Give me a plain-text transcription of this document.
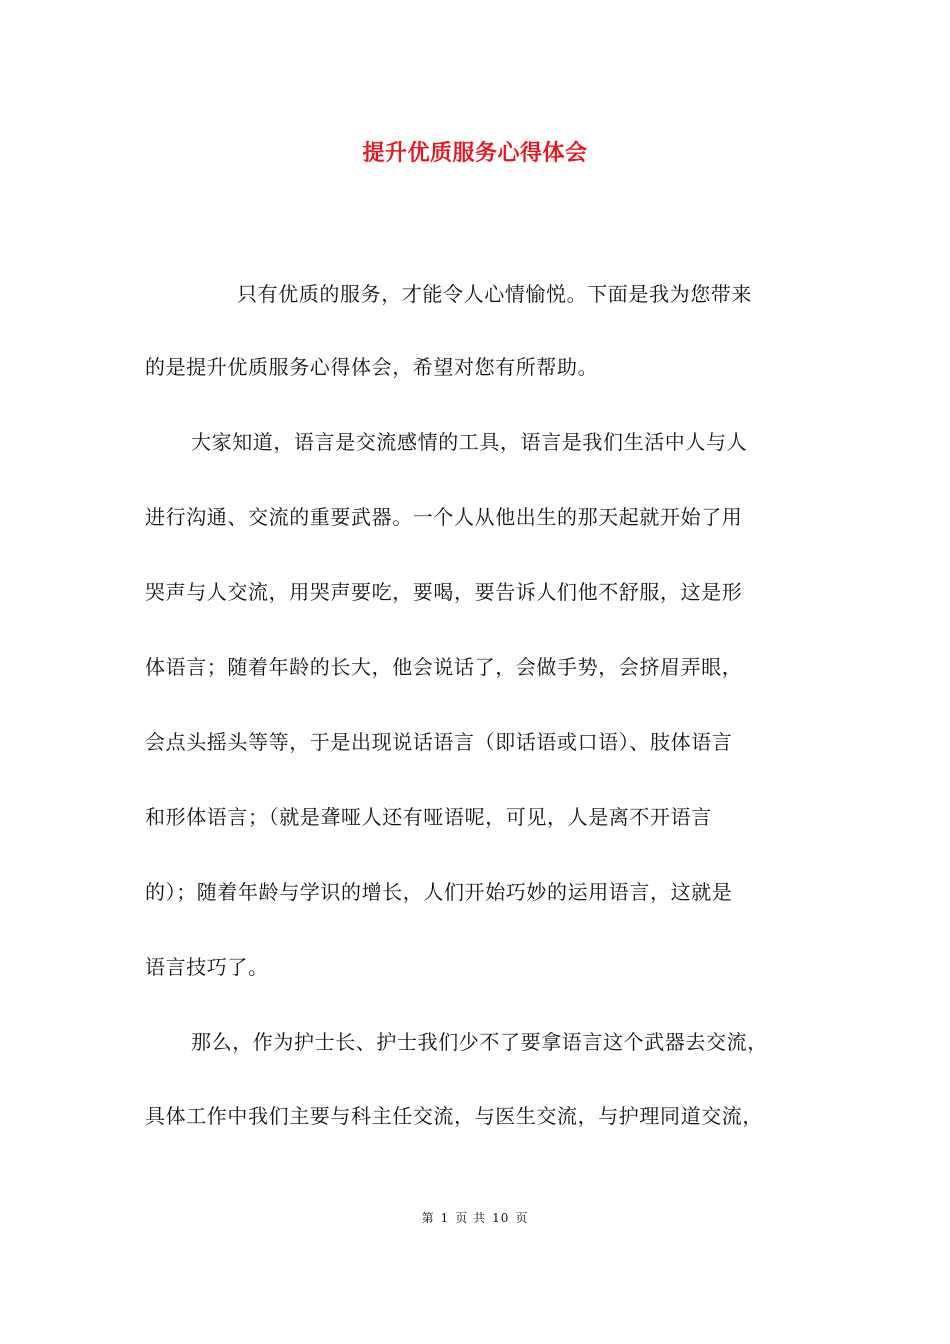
提升优质服务心得体会
只有优质的服务，才能令人心情愉悦。下面是我为您带来
的是提升优质服务心得体会，希望对您有所帮助。
大家知道，语言是交流感情的工具，语言是我们生活中人与人
进行沟通、交流的重要武器。一个人从他出生的那天起就开始了用
哭声与人交流，用哭声要吃，要喝，要告诉人们他不舒服，这是形
体语言；随着年龄的长大，他会说话了，会做手势，会挤眉弄眼，
会点头摇头等等，于是出现说话语言（即话语或口语）、肢体语言
和形体语言；（就是聋哑人还有哑语呢，可见，人是离不开语言
的）；随着年龄与学识的增长，人们开始巧妙的运用语言，这就是
语言技巧了。
那么，作为护士长、护士我们少不了要拿语言这个武器去交流，
具体工作中我们主要与科主任交流，与医生交流，与护理同道交流，
第 1 页 共 10 页
